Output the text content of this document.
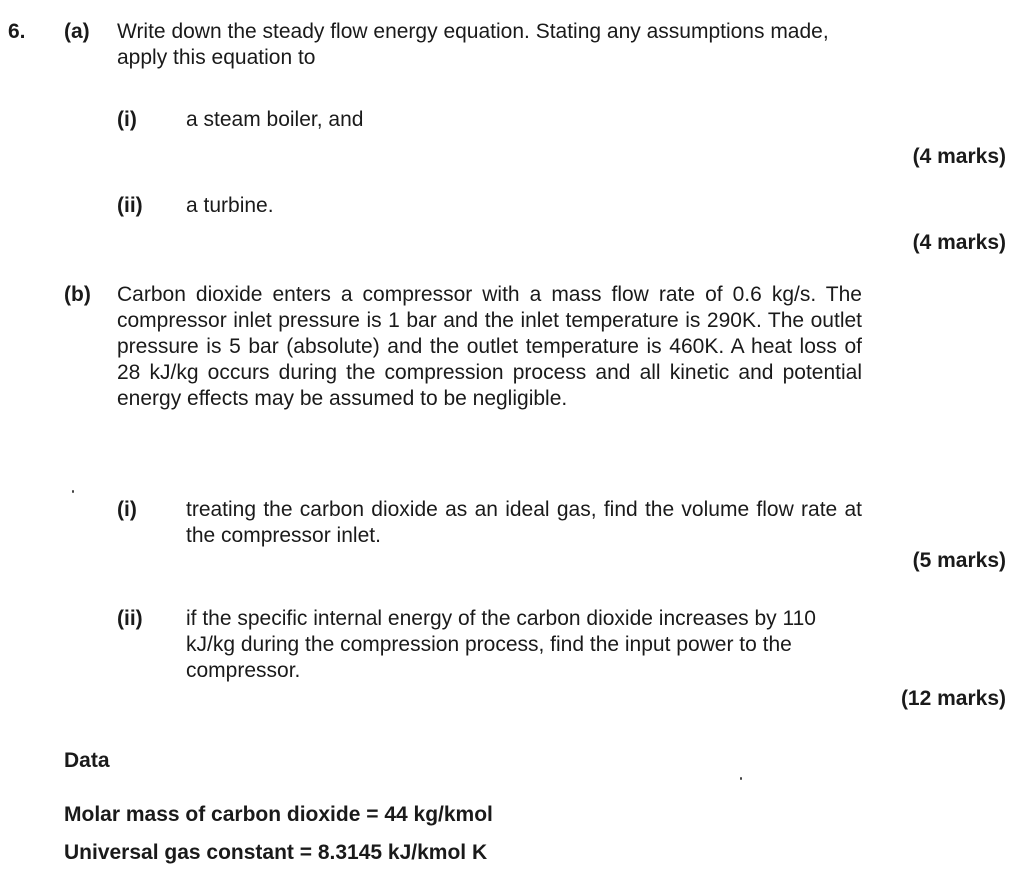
6. (a) Write down the steady flow energy equation. Stating any assumptions made, apply this equation to
(i) a steam boiler, and
(4 marks)
(ii) a turbine.
(4 marks)
(b) Carbon dioxide enters a compressor with a mass flow rate of 0.6 kg/s. The compressor inlet pressure is 1 bar and the inlet temperature is 290K. The outlet pressure is 5 bar (absolute) and the outlet temperature is 460K. A heat loss of 28 kJ/kg occurs during the compression process and all kinetic and potential energy effects may be assumed to be negligible.
(i) treating the carbon dioxide as an ideal gas, find the volume flow rate at the compressor inlet.
(5 marks)
(ii) if the specific internal energy of the carbon dioxide increases by 110 kJ/kg during the compression process, find the input power to the compressor.
(12 marks)
Data
Molar mass of carbon dioxide = 44 kg/kmol
Universal gas constant = 8.3145 kJ/kmol K
